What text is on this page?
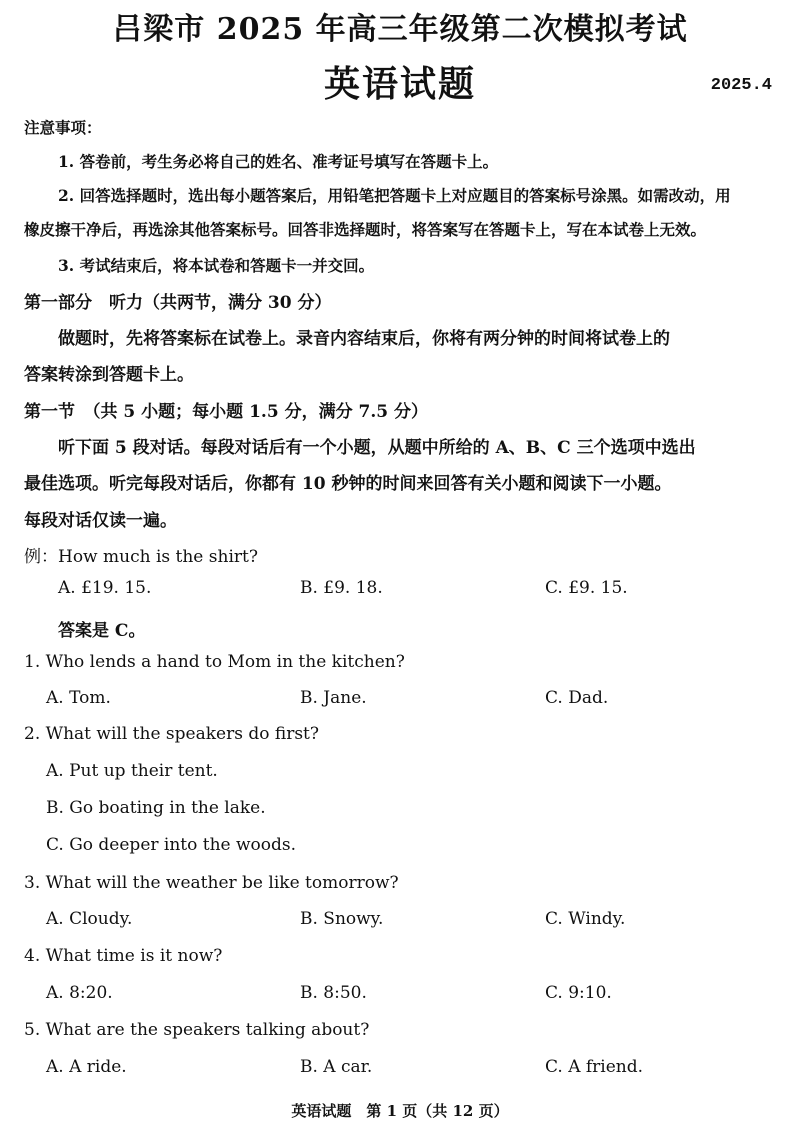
吕梁市 2025 年高三年级第二次模拟考试
英语试题	2025.4
注意事项：
1. 答卷前，考生务必将自己的姓名、准考证号填写在答题卡上。
2. 回答选择题时，选出每小题答案后，用铅笔把答题卡上对应题目的答案标号涂黑。如需改动，用
橡皮擦干净后，再选涂其他答案标号。回答非选择题时，将答案写在答题卡上，写在本试卷上无效。
3. 考试结束后，将本试卷和答题卡一并交回。
第一部分　听力（共两节，满分 30 分）
做题时，先将答案标在试卷上。录音内容结束后，你将有两分钟的时间将试卷上的
答案转涂到答题卡上。
第一节　（共 5 小题；每小题 1.5 分，满分 7.5 分）
听下面 5 段对话。每段对话后有一个小题，从题中所给的 A、B、C 三个选项中选出
最佳选项。听完每段对话后，你都有 10 秒钟的时间来回答有关小题和阅读下一小题。
每段对话仅读一遍。
例：How much is the shirt?
A. £19. 15.	B. £9. 18.	C. £9. 15.
答案是 C。
1. Who lends a hand to Mom in the kitchen?
A. Tom.	B. Jane.	C. Dad.
2. What will the speakers do first?
A. Put up their tent.
B. Go boating in the lake.
C. Go deeper into the woods.
3. What will the weather be like tomorrow?
A. Cloudy.	B. Snowy.	C. Windy.
4. What time is it now?
A. 8:20.	B. 8:50.	C. 9:10.
5. What are the speakers talking about?
A. A ride.	B. A car.	C. A friend.
英语试题　第 1 页（共 12 页）
